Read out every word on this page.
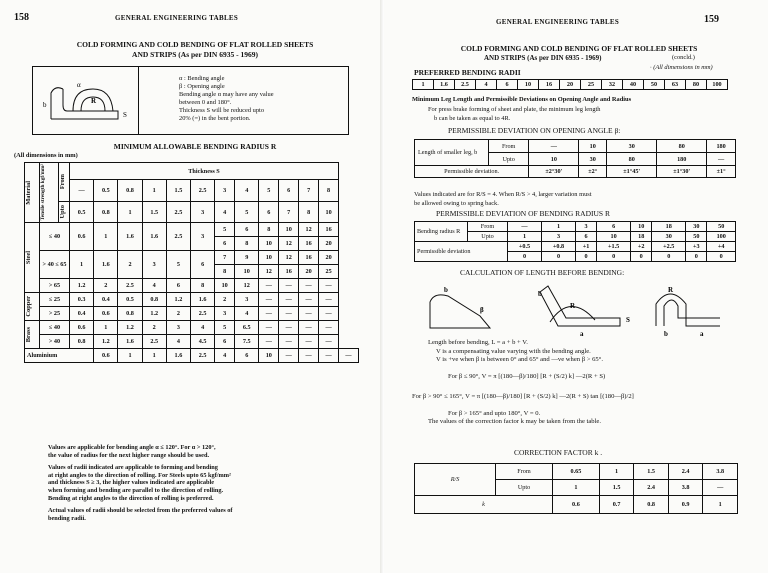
158	GENERAL ENGINEERING TABLES
COLD FORMING AND COLD BENDING OF FLAT ROLLED SHEETS
AND STRIPS (As per DIN 6935 - 1969)
R
b
α
S
α : Bending angle
β : Opening angle
Bending angle α may have any value
between 0 and 180°.
Thickness S will be reduced upto
20% (=) in the bent portion.
MINIMUM ALLOWABLE BENDING RADIUS R
(All dimensions in mm)
Material	Tensile strength kgf/mm²	From	Thickness S												
			—	0.5	0.8	1	1.5	2.5	3	4	5	6	7	8	

		Upto	0.5	0.8	1	1.5	2.5	3	4	5	6	7	8	10	

Steel	≤ 40		0.6	1	1.6	1.6	2.5	3	5	6	8	10	12	16	
									6	8	10	12	16	20	
	> 40 ≤ 65		1	1.6	2	3	5	6	7	9	10	12	16	20	
									8	10	12	16	20	25	
	> 65		1.2	2	2.5	4	6	8	10	12	—	—	—	—	

Copper	≤ 25		0.3	0.4	0.5	0.8	1.2	1.6	2	3	—	—	—	—	
	> 25		0.4	0.6	0.8	1.2	2	2.5	3	4	—	—	—	—	

Brass	≤ 40		0.6	1	1.2	2	3	4	5	6.5	—	—	—	—	
	> 40		0.8	1.2	1.6	2.5	4	4.5	6	7.5	—	—	—	—	
Aluminium				0.6	1	1	1.6	2.5	4	6	10	—	—	—	—
Values are applicable for bending angle α ≤ 120°. For α > 120°,
the value of radius for the next higher range should be used.
Values of radii indicated are applicable to forming and bending
at right angles to the direction of rolling. For Steels upto 65 kgf/mm²
and thickness S ≥ 3, the higher values indicated are applicable
when forming and bending are parallel to the direction of rolling.
Bending at right angles to the direction of rolling is preferred.
Actual values of radii should be selected from the preferred values of
bending radii.
GENERAL ENGINEERING TABLES	159
COLD FORMING AND COLD BENDING OF FLAT ROLLED SHEETS
AND STRIPS (As per DIN 6935 - 1969)	(concld.)
· (All dimensions in mm)
PREFERRED BENDING RADII
1	1.6	2.5	4	6	10	16	20	25	32	40	50	63	80	100
Minimum Leg Length and Permissible Deviations on Opening Angle and Radius
For press brake forming of sheet and plate, the minimum leg length
b can be taken as equal to 4R.
PERMISSIBLE DEVIATION ON OPENING ANGLE β:
Length of smaller leg, b	From	—	10	30	80	180
	Upto	10	30	80	180	—
Permissible deviation.		±2°30'	±2°	±1°45'	±1°30'	±1°
Values indicated are for R/S = 4. When R/S > 4, larger variation must
be allowed owing to spring back.
PERMISSIBLE DEVIATION OF BENDING RADIUS R
Bending radius R	From	—	1	3	6	10	18	30	50
	Upto	1	3	6	10	18	30	50	100
Permissible deviation		+0.5	+0.8	+1	+1.5	+2	+2.5	+3	+4
		0	0	0	0	0	0	0	0
CALCULATION OF LENGTH BEFORE BENDING:
b
β	R
b
a
S
R
b	a
Length before bending, L = a + b + V.
V is a compensating value varying with the bending angle.
V is +ve when β is between 0° and 65° and —ve when β > 65°.
For β ≤ 90°, V = π [(180—β)/180] [R + (S/2) k] —2(R + S)
For β > 90° ≤ 165°, V = π [(180—β)/180] [R + (S/2) k] —2(R + S) tan [(180—β)/2]
For β > 165° and upto 180°, V = 0.
The values of the correction factor k may be taken from the table.
CORRECTION FACTOR k .
R/S	From	0.65	1	1.5	2.4	3.8
	Upto	1	1.5	2.4	3.8	—
k		0.6	0.7	0.8	0.9	1
